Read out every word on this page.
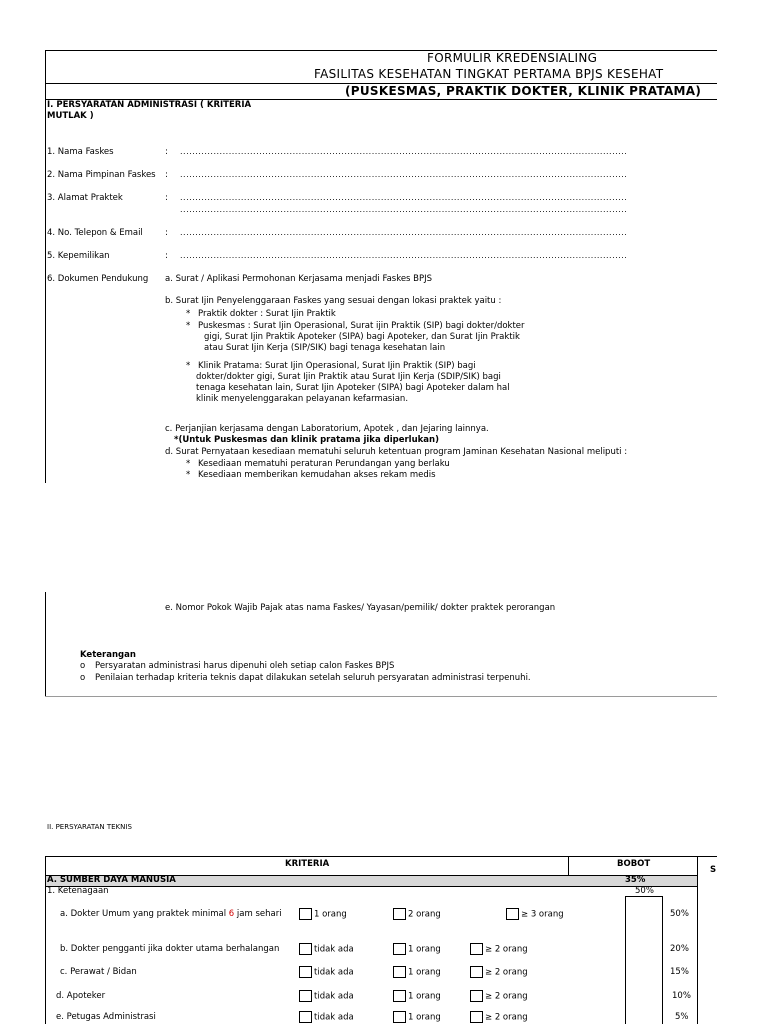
FORMULIR KREDENSIALING
FASILITAS KESEHATAN TINGKAT PERTAMA BPJS KESEHAT
(PUSKESMAS, PRAKTIK DOKTER, KLINIK PRATAMA)
I. PERSYARATAN ADMINISTRASI ( KRITERIA
MUTLAK )
1. Nama Faskes	: ...................................................................................................................................................
2. Nama Pimpinan Faskes : ...................................................................................................................................................
3. Alamat Praktek	: ...................................................................................................................................................
...................................................................................................................................................
4. No. Telepon & Email	: ...................................................................................................................................................
5. Kepemilikan	: ...................................................................................................................................................
6. Dokumen Pendukung a. Surat / Aplikasi Permohonan Kerjasama menjadi Faskes BPJS
b. Surat Ijin Penyelenggaraan Faskes yang sesuai dengan lokasi praktek yaitu :
* Praktik dokter : Surat Ijin Praktik
* Puskesmas : Surat Ijin Operasional, Surat ijin Praktik (SIP) bagi dokter/dokter
gigi, Surat Ijin Praktik Apoteker (SIPA) bagi Apoteker, dan Surat Ijin Praktik
atau Surat Ijin Kerja (SIP/SIK) bagi tenaga kesehatan lain
* Klinik Pratama: Surat Ijin Operasional, Surat Ijin Praktik (SIP) bagi
dokter/dokter gigi, Surat Ijin Praktik atau Surat Ijin Kerja (SDIP/SIK) bagi
tenaga kesehatan lain, Surat Ijin Apoteker (SIPA) bagi Apoteker dalam hal
klinik menyelenggarakan pelayanan kefarmasian.
c. Perjanjian kerjasama dengan Laboratorium, Apotek , dan Jejaring lainnya.
*(Untuk Puskesmas dan klinik pratama jika diperlukan)
d. Surat Pernyataan kesediaan mematuhi seluruh ketentuan program Jaminan Kesehatan Nasional meliputi :
* Kesediaan mematuhi peraturan Perundangan yang berlaku
* Kesediaan memberikan kemudahan akses rekam medis
e. Nomor Pokok Wajib Pajak atas nama Faskes/ Yayasan/pemilik/ dokter praktek perorangan
Keterangan
o Persyaratan administrasi harus dipenuhi oleh setiap calon Faskes BPJS
o Penilaian terhadap kriteria teknis dapat dilakukan setelah seluruh persyaratan administrasi terpenuhi.
II. PERSYARATAN TEKNIS
KRITERIA	BOBOT
S
A. SUMBER DAYA MANUSIA	35%
1. Ketenagaan	50%
a. Dokter Umum yang praktek minimal 6 jam sehari	1 orang	2 orang	≥ 3 orang	50%
b. Dokter pengganti jika dokter utama berhalangan	tidak ada	1 orang	≥ 2 orang	20%
c. Perawat / Bidan	tidak ada	1 orang	≥ 2 orang	15%
d. Apoteker	tidak ada	1 orang	≥ 2 orang	10%
e. Petugas Administrasi	tidak ada	1 orang	≥ 2 orang	5%
